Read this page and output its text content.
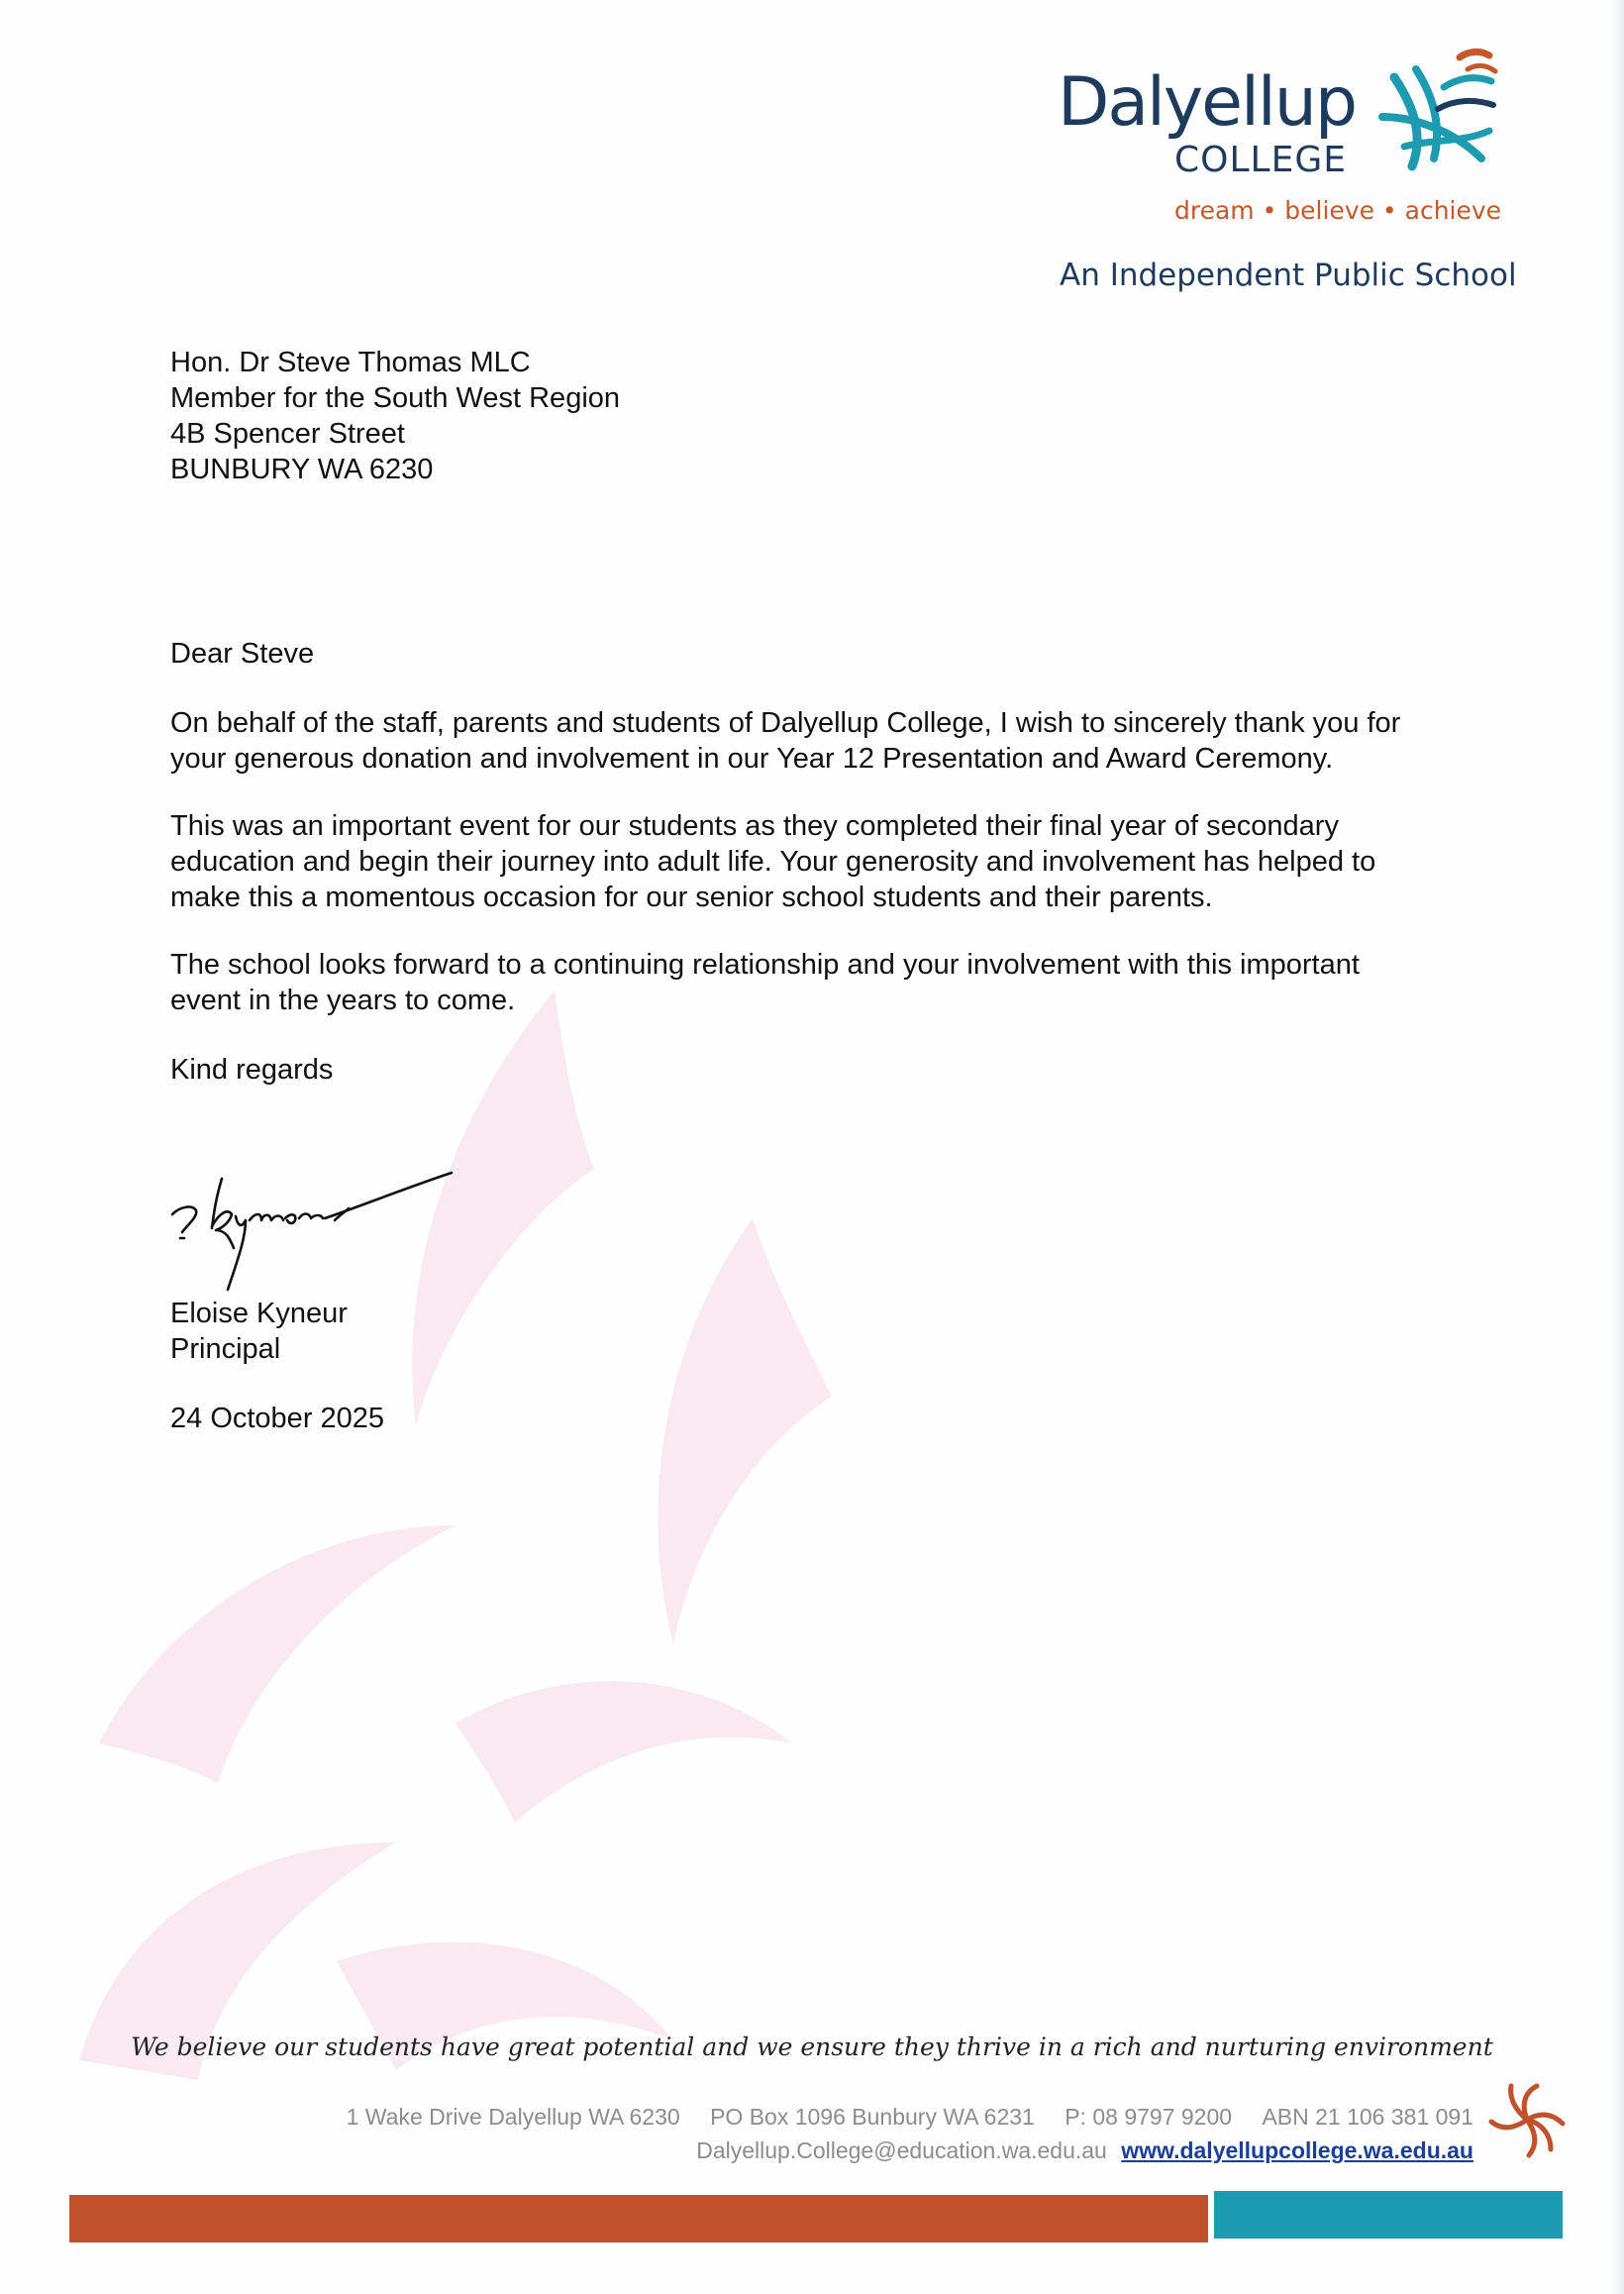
Dalyellup
COLLEGE
dream • believe • achieve
An Independent Public School

Hon. Dr Steve Thomas MLC
Member for the South West Region
4B Spencer Street
BUNBURY WA 6230

Dear Steve

On behalf of the staff, parents and students of Dalyellup College, I wish to sincerely thank you for
your generous donation and involvement in our Year 12 Presentation and Award Ceremony.

This was an important event for our students as they completed their final year of secondary
education and begin their journey into adult life. Your generosity and involvement has helped to
make this a momentous occasion for our senior school students and their parents.

The school looks forward to a continuing relationship and your involvement with this important
event in the years to come.

Kind regards

Eloise Kyneur
Principal

24 October 2025

We believe our students have great potential and we ensure they thrive in a rich and nurturing environment
1 Wake Drive Dalyellup WA 6230 PO Box 1096 Bunbury WA 6231 P: 08 9797 9200 ABN 21 106 381 091
Dalyellup.College@education.wa.edu.au www.dalyellupcollege.wa.edu.au
